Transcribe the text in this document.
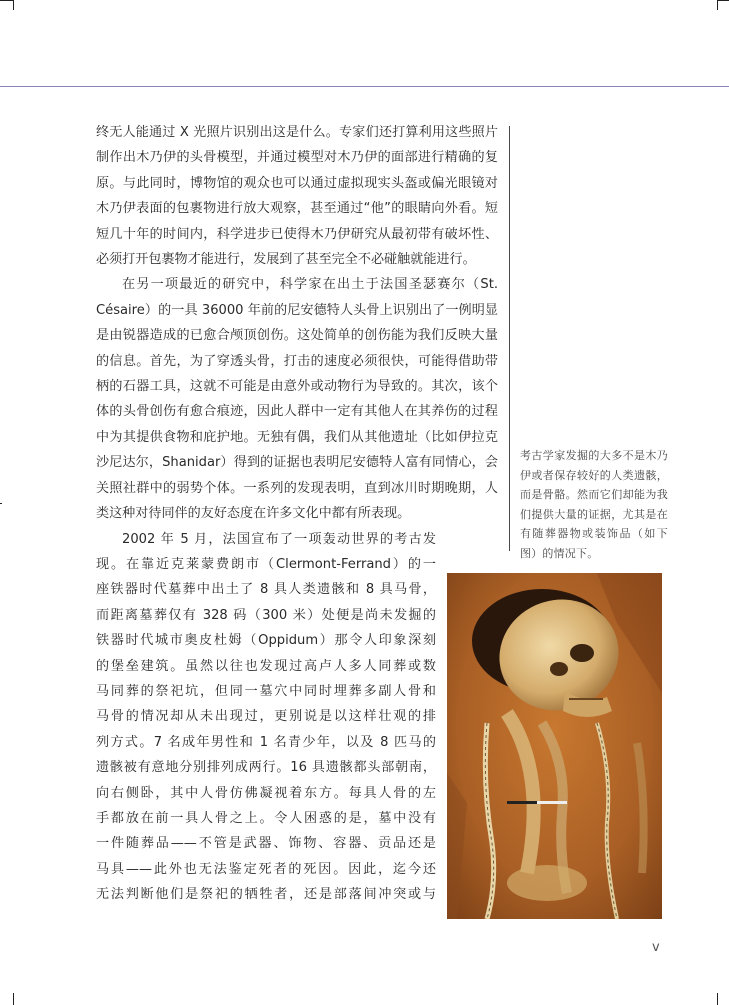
终无人能通过 X 光照片识别出这是什么。专家们还打算利用这些照片制作出木乃伊的头骨模型，并通过模型对木乃伊的面部进行精确的复原。与此同时，博物馆的观众也可以通过虚拟现实头盔或偏光眼镜对木乃伊表面的包裹物进行放大观察，甚至通过“他”的眼睛向外看。短短几十年的时间内，科学进步已使得木乃伊研究从最初带有破坏性、必须打开包裹物才能进行，发展到了甚至完全不必碰触就能进行。

在另一项最近的研究中，科学家在出土于法国圣瑟赛尔（St. Césaire）的一具 36000 年前的尼安德特人头骨上识别出了一例明显是由锐器造成的已愈合颅顶创伤。这处简单的创伤能为我们反映大量的信息。首先，为了穿透头骨，打击的速度必须很快，可能得借助带柄的石器工具，这就不可能是由意外或动物行为导致的。其次，该个体的头骨创伤有愈合痕迹，因此人群中一定有其他人在其养伤的过程中为其提供食物和庇护地。无独有偶，我们从其他遗址（比如伊拉克沙尼达尔，Shanidar）得到的证据也表明尼安德特人富有同情心，会关照社群中的弱势个体。一系列的发现表明，直到冰川时期晚期，人类这种对待同伴的友好态度在许多文化中都有所表现。

2002 年 5 月，法国宣布了一项轰动世界的考古发
现。在靠近克莱蒙费朗市（Clermont-Ferrand）的一
座铁器时代墓葬中出土了 8 具人类遗骸和 8 具马骨，
而距离墓葬仅有 328 码（300 米）处便是尚未发掘的
铁器时代城市奥皮杜姆（Oppidum）那令人印象深刻
的堡垒建筑。虽然以往也发现过高卢人多人同葬或数
马同葬的祭祀坑，但同一墓穴中同时埋葬多副人骨和
马骨的情况却从未出现过，更别说是以这样壮观的排
列方式。7 名成年男性和 1 名青少年，以及 8 匹马的
遗骸被有意地分别排列成两行。16 具遗骸都头部朝南，
向右侧卧，其中人骨仿佛凝视着东方。每具人骨的左
手都放在前一具人骨之上。令人困惑的是，墓中没有
一件随葬品——不管是武器、饰物、容器、贡品还是
马具——此外也无法鉴定死者的死因。因此，迄今还
无法判断他们是祭祀的牺牲者，还是部落间冲突或与

考古学家发掘的大多不是木乃伊或者保存较好的人类遗骸，而是骨骼。然而它们却能为我们提供大量的证据，尤其是在有随葬器物或装饰品（如下图）的情况下。
v
